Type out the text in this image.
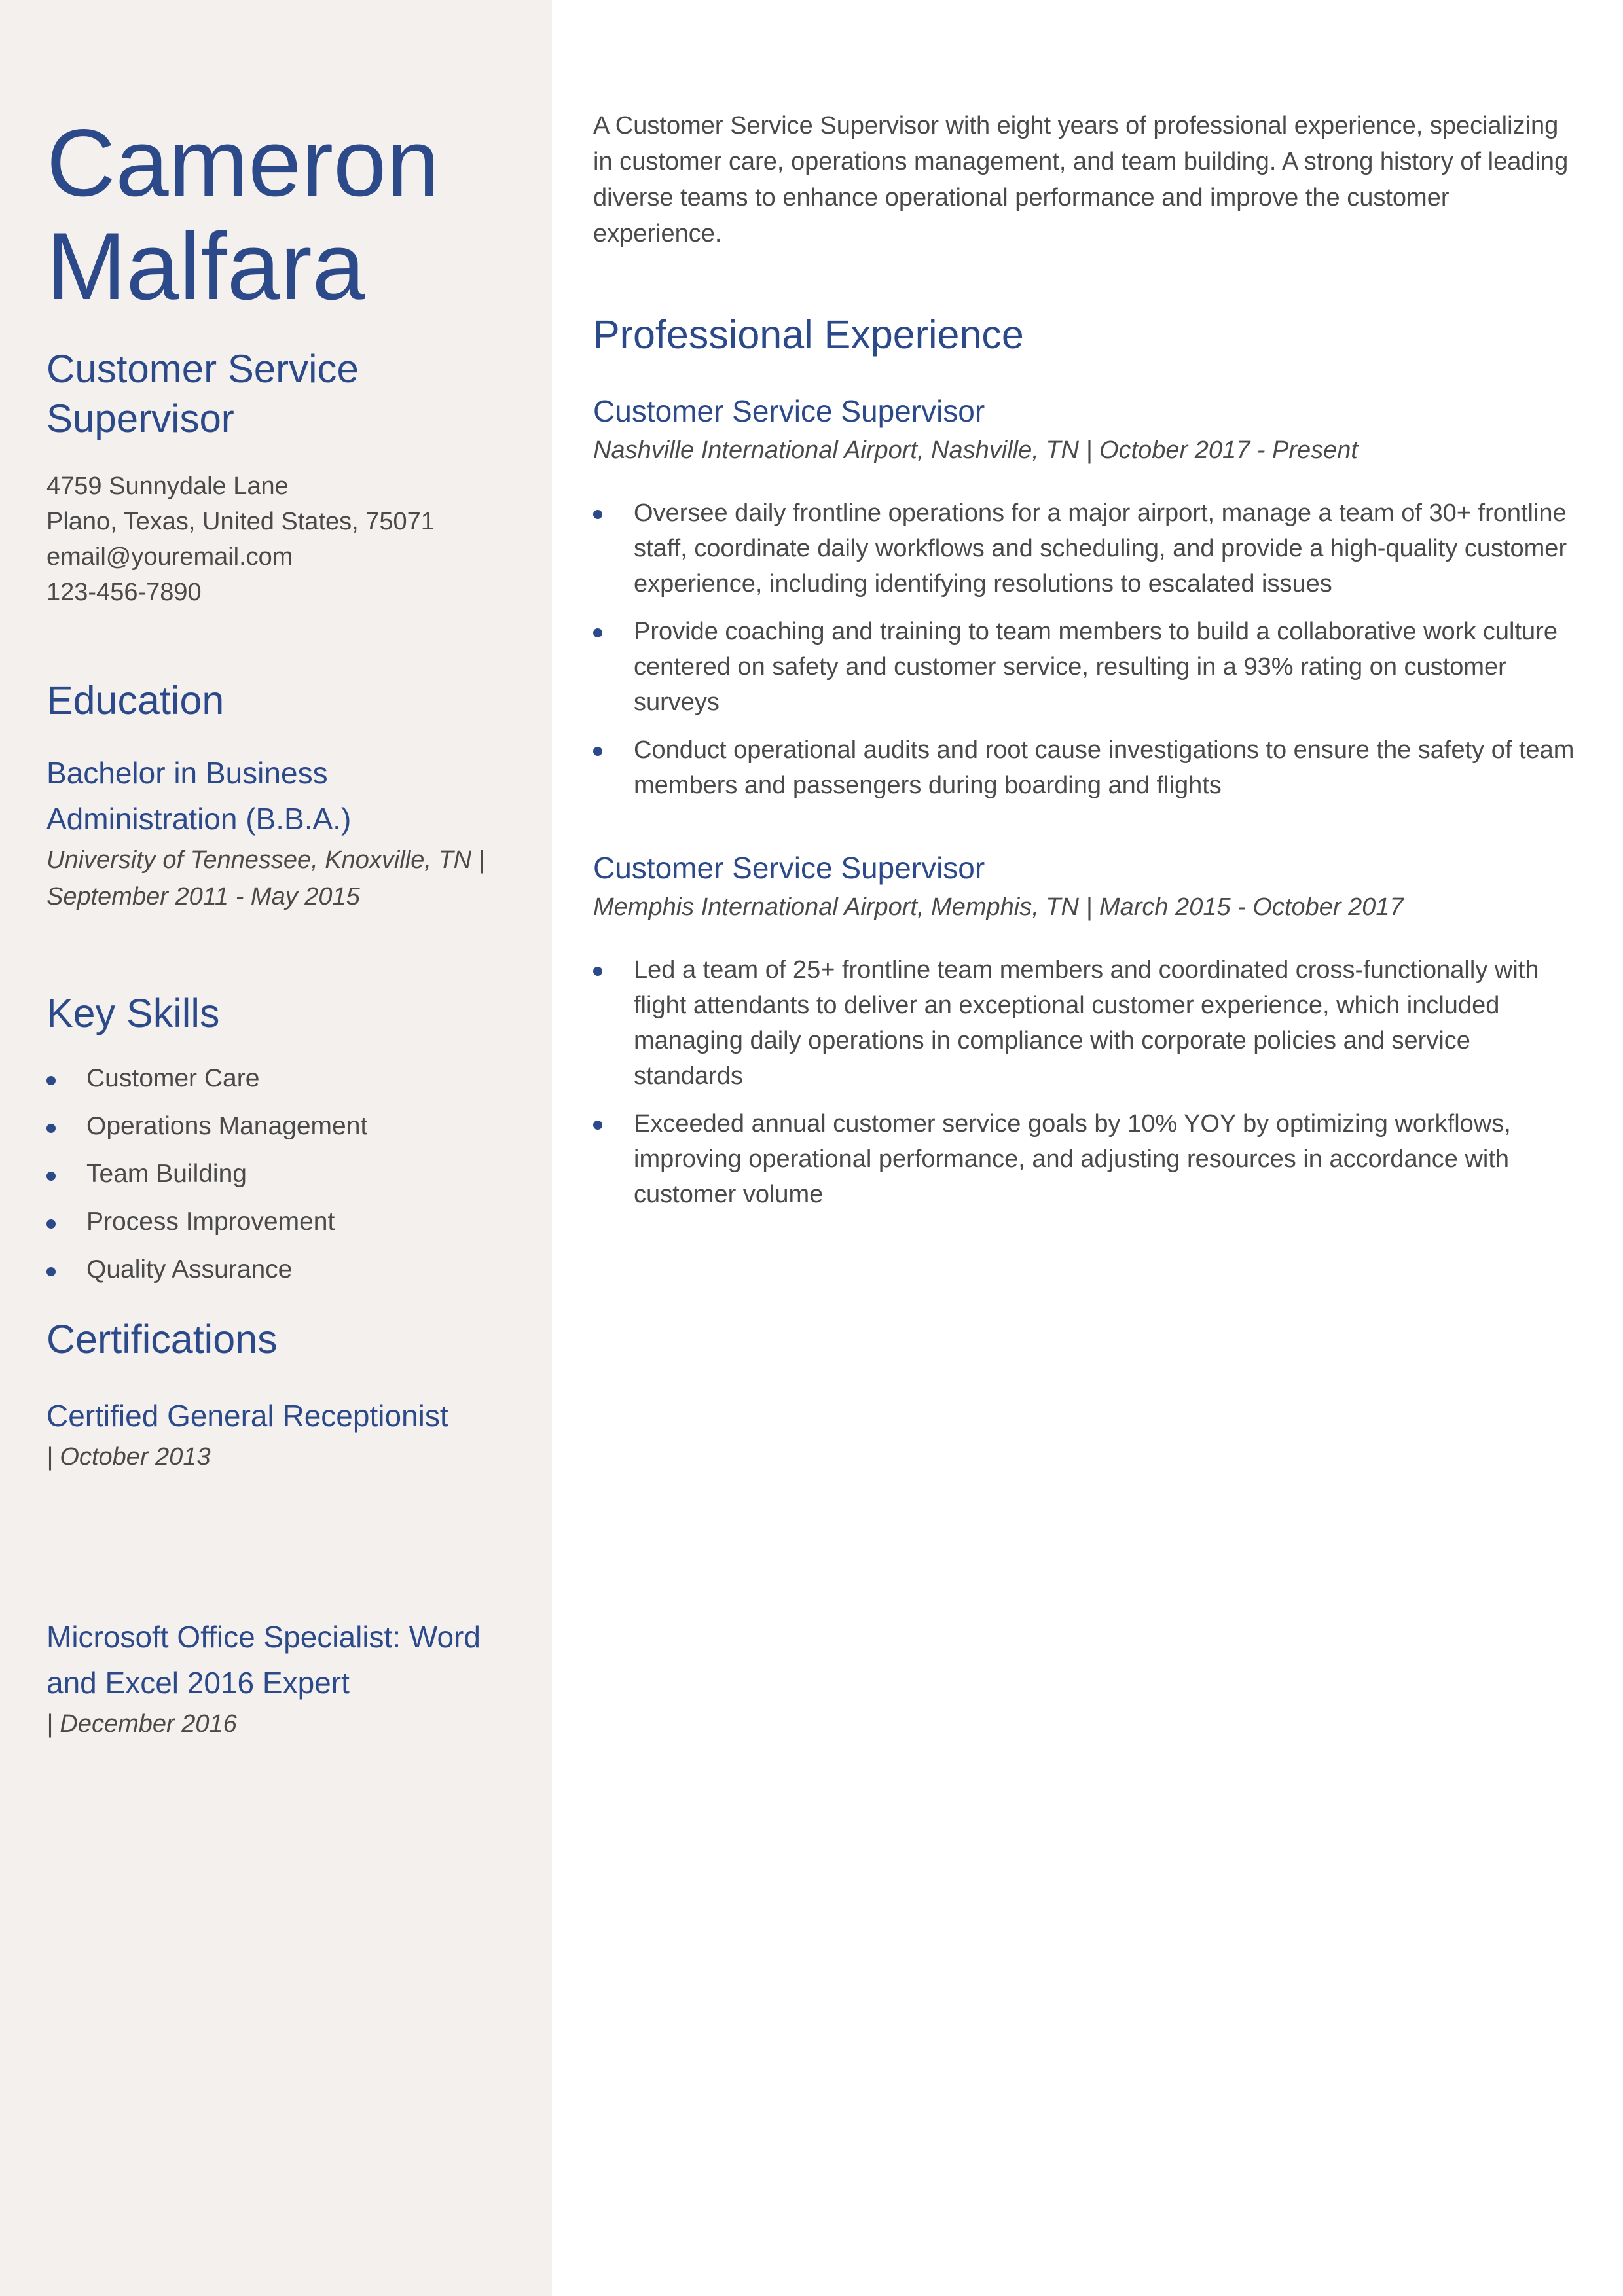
Cameron
Malfara
Customer Service
Supervisor
4759 Sunnydale Lane
Plano, Texas, United States, 75071
email@youremail.com
123-456-7890
Education

Bachelor in Business
Administration (B.B.A.)

University of Tennessee, Knoxville, TN |
September 2011 - May 2015

Key Skills
Customer Care
Operations Management
Team Building
Process Improvement
Quality Assurance
Certifications

Certified General Receptionist

| October 2013

Microsoft Office Specialist: Word
and Excel 2016 Expert

| December 2016

A Customer Service Supervisor with eight years of professional experience, specializing in customer care, operations management, and team building. A strong history of leading diverse teams to enhance operational performance and improve the customer experience.

Professional Experience

Customer Service Supervisor

Nashville International Airport, Nashville, TN | October 2017 - Present

Oversee daily frontline operations for a major airport, manage a team of 30+ frontline staff, coordinate daily workflows and scheduling, and provide a high-quality customer experience, including identifying resolutions to escalated issues
Provide coaching and training to team members to build a collaborative work culture centered on safety and customer service, resulting in a 93% rating on customer surveys
Conduct operational audits and root cause investigations to ensure the safety of team members and passengers during boarding and flights

Customer Service Supervisor

Memphis International Airport, Memphis, TN | March 2015 - October 2017

Led a team of 25+ frontline team members and coordinated cross-functionally with flight attendants to deliver an exceptional customer experience, which included managing daily operations in compliance with corporate policies and service standards
Exceeded annual customer service goals by 10% YOY by optimizing workflows, improving operational performance, and adjusting resources in accordance with customer volume
